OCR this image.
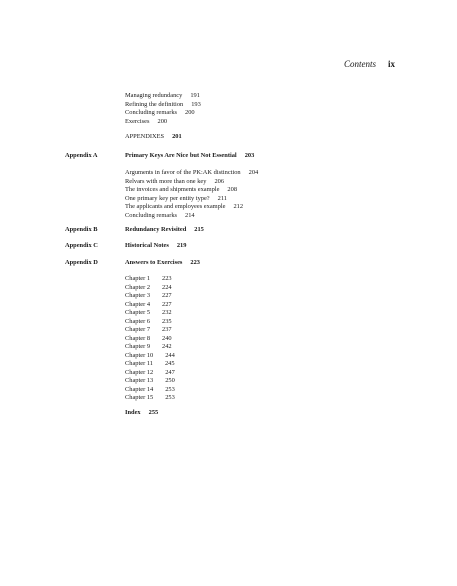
Contents ix
Managing redundancy 191
Refining the definition 193
Concluding remarks 200
Exercises 200
APPENDIXES 201
Appendix A	Primary Keys Are Nice but Not Essential 203
Arguments in favor of the PK:AK distinction 204
Relvars with more than one key 206
The invoices and shipments example 208
One primary key per entity type? 211
The applicants and employees example 212
Concluding remarks 214
Appendix B	Redundancy Revisited 215
Appendix C	Historical Notes 219
Appendix D	Answers to Exercises 223
Chapter 1 223
Chapter 2 224
Chapter 3 227
Chapter 4 227
Chapter 5 232
Chapter 6 235
Chapter 7 237
Chapter 8 240
Chapter 9 242
Chapter 10 244
Chapter 11 245
Chapter 12 247
Chapter 13 250
Chapter 14 253
Chapter 15 253
Index 255
